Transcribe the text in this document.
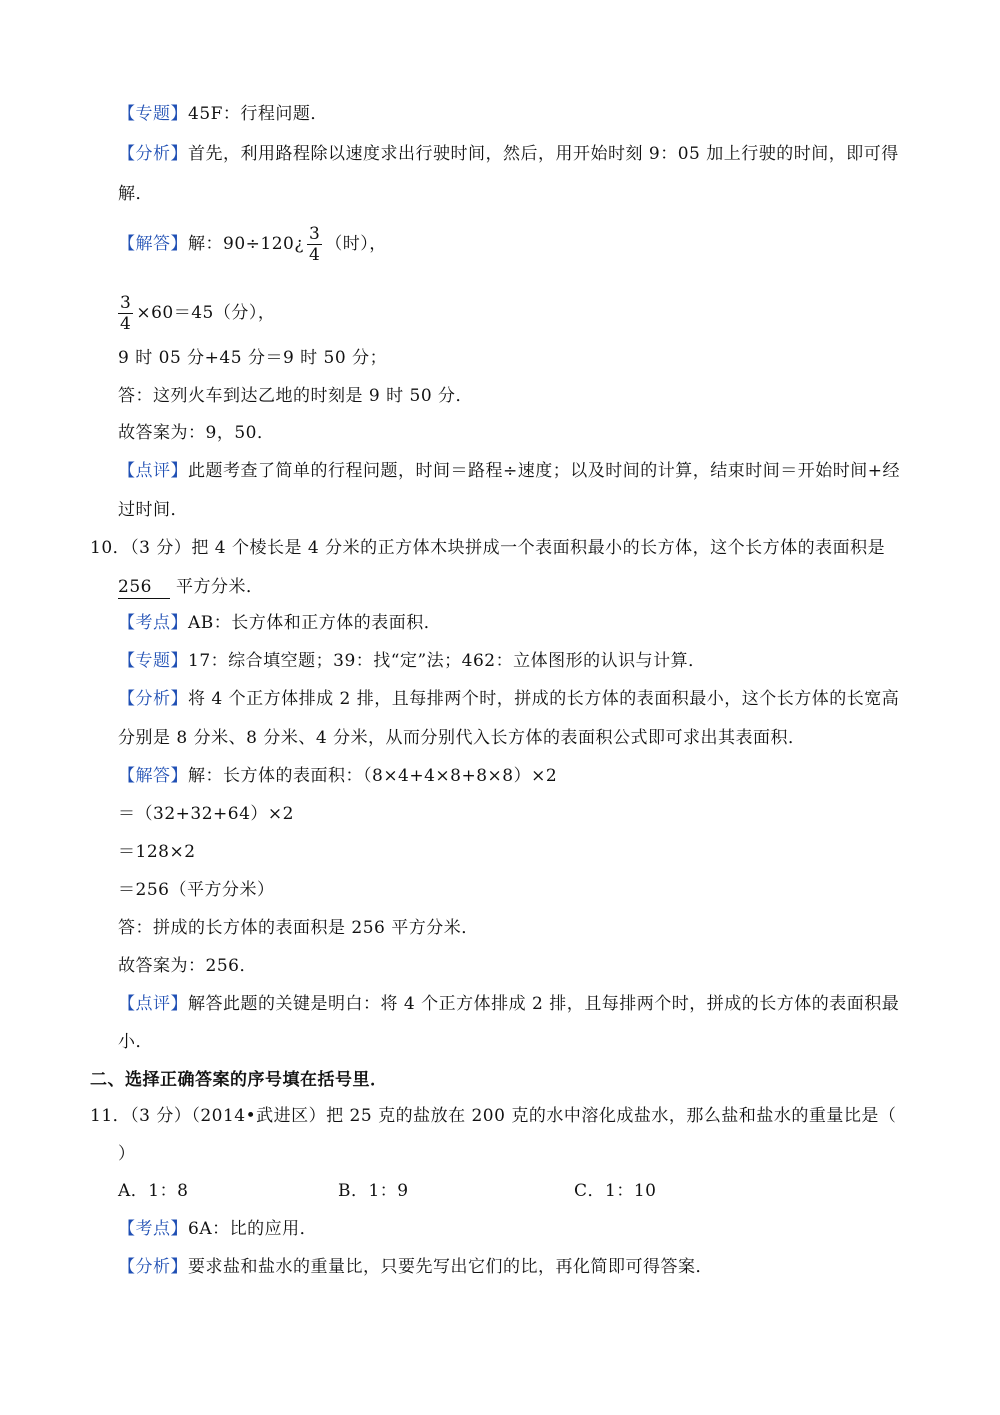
【专题】45F：行程问题．
【分析】首先，利用路程除以速度求出行驶时间，然后，用开始时刻 9：05 加上行驶的时间，即可得
解．
【解答】解：90÷120¿ $\frac{3}{4}$ （时），
$\frac{3}{4} \times 60=45$（分），
9 时 05 分+45 分＝9 时 50 分；
答：这列火车到达乙地的时刻是 9 时 50 分．
故答案为：9，50．
【点评】此题考查了简单的行程问题，时间＝路程÷速度；以及时间的计算，结束时间＝开始时间+经
过时间．
10．（3 分）把 4 个棱长是 4 分米的正方体木块拼成一个表面积最小的长方体，这个长方体的表面积是
256 平方分米．
【考点】AB：长方体和正方体的表面积．
【专题】17：综合填空题；39：找“定”法；462：立体图形的认识与计算．
【分析】将 4 个正方体排成 2 排，且每排两个时，拼成的长方体的表面积最小，这个长方体的长宽高
分别是 8 分米、8 分米、4 分米，从而分别代入长方体的表面积公式即可求出其表面积．
【解答】解：长方体的表面积：（8×4+4×8+8×8）×2
＝（32+32+64）×2
＝128×2
＝256（平方分米）
答：拼成的长方体的表面积是 256 平方分米．
故答案为：256．
【点评】解答此题的关键是明白：将 4 个正方体排成 2 排，且每排两个时，拼成的长方体的表面积最
小．
二、选择正确答案的序号填在括号里．
11．（3 分）（2014•武进区）把 25 克的盐放在 200 克的水中溶化成盐水，那么盐和盐水的重量比是（
）
A．1：8	B．1：9	C．1：10
【考点】6A：比的应用．
【分析】要求盐和盐水的重量比，只要先写出它们的比，再化简即可得答案．
